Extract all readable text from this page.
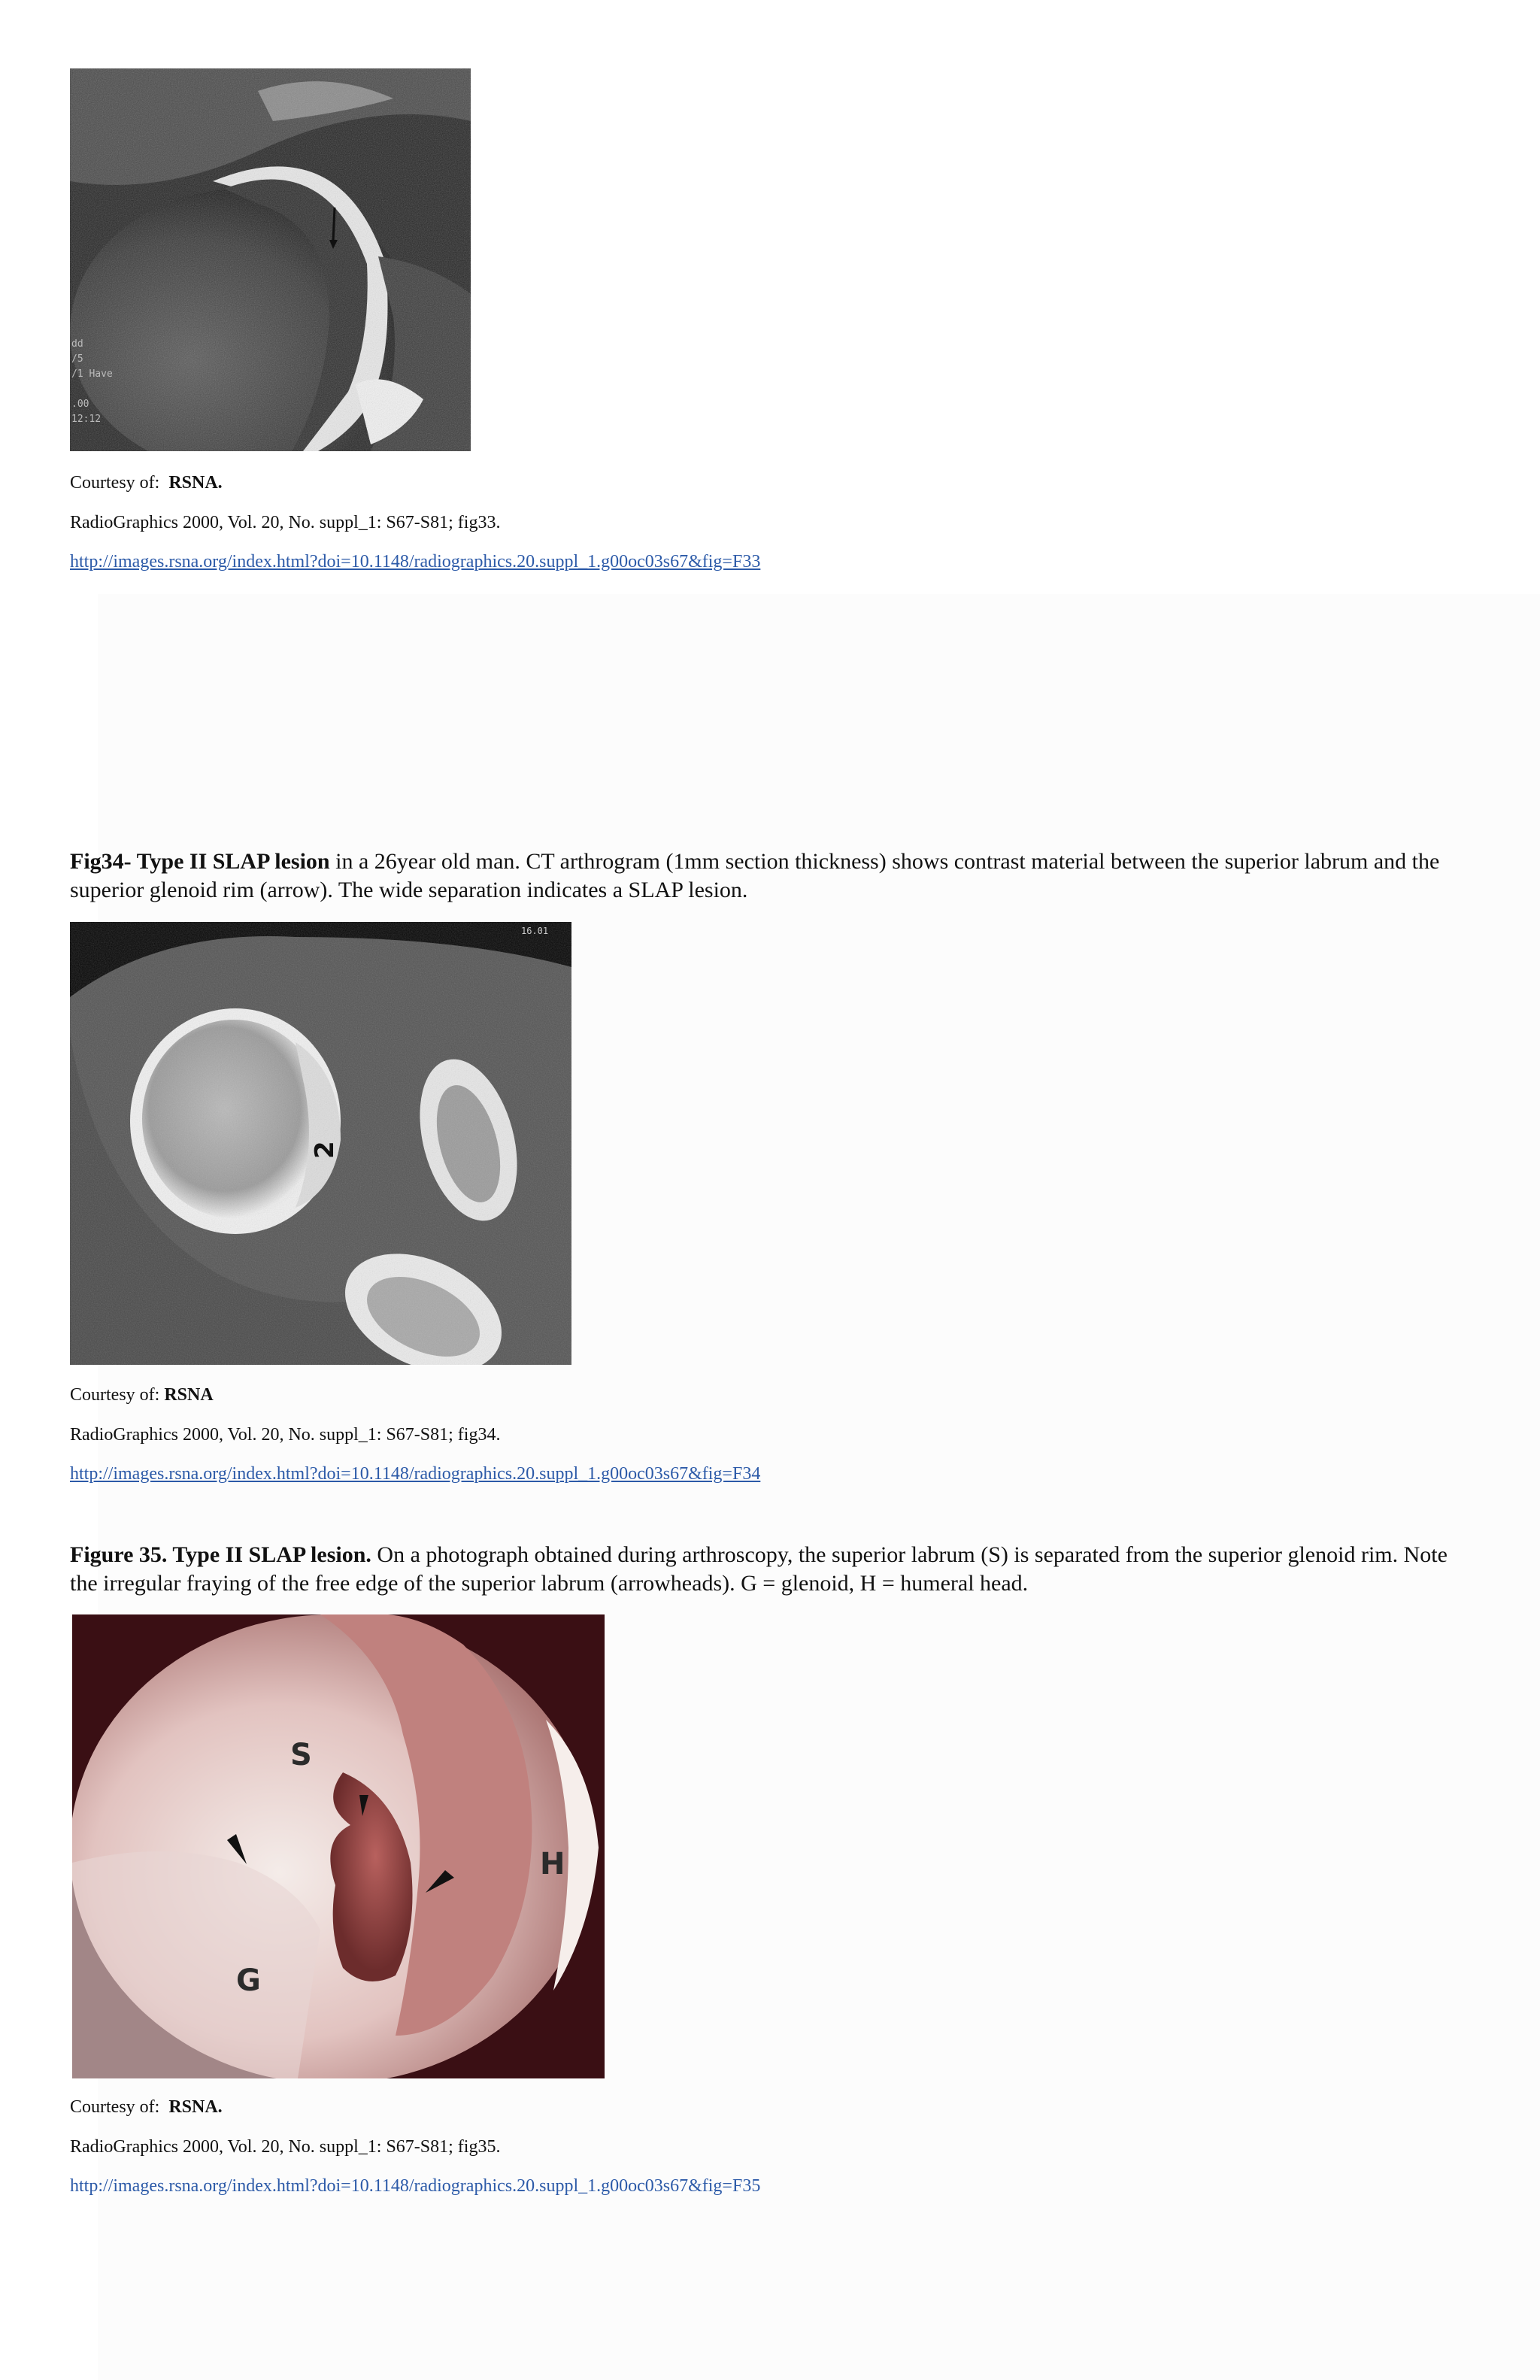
dd
/5
/1 Have
.00
12:12

Courtesy of: RSNA.

RadioGraphics 2000, Vol. 20, No. suppl_1: S67-S81; fig33.

http://images.rsna.org/index.html?doi=10.1148/radiographics.20.suppl_1.g00oc03s67&fig=F33

Fig34- Type II SLAP lesion in a 26year old man. CT arthrogram (1mm section thickness) shows contrast material between the superior labrum and the superior glenoid rim (arrow). The wide separation indicates a SLAP lesion.

2
16.01

Courtesy of: RSNA

RadioGraphics 2000, Vol. 20, No. suppl_1: S67-S81; fig34.

http://images.rsna.org/index.html?doi=10.1148/radiographics.20.suppl_1.g00oc03s67&fig=F34

Figure 35. Type II SLAP lesion. On a photograph obtained during arthroscopy, the superior labrum (S) is separated from the superior glenoid rim. Note the irregular fraying of the free edge of the superior labrum (arrowheads). G = glenoid, H = humeral head.

S
G
H

Courtesy of: RSNA.

RadioGraphics 2000, Vol. 20, No. suppl_1: S67-S81; fig35.

http://images.rsna.org/index.html?doi=10.1148/radiographics.20.suppl_1.g00oc03s67&fig=F35
